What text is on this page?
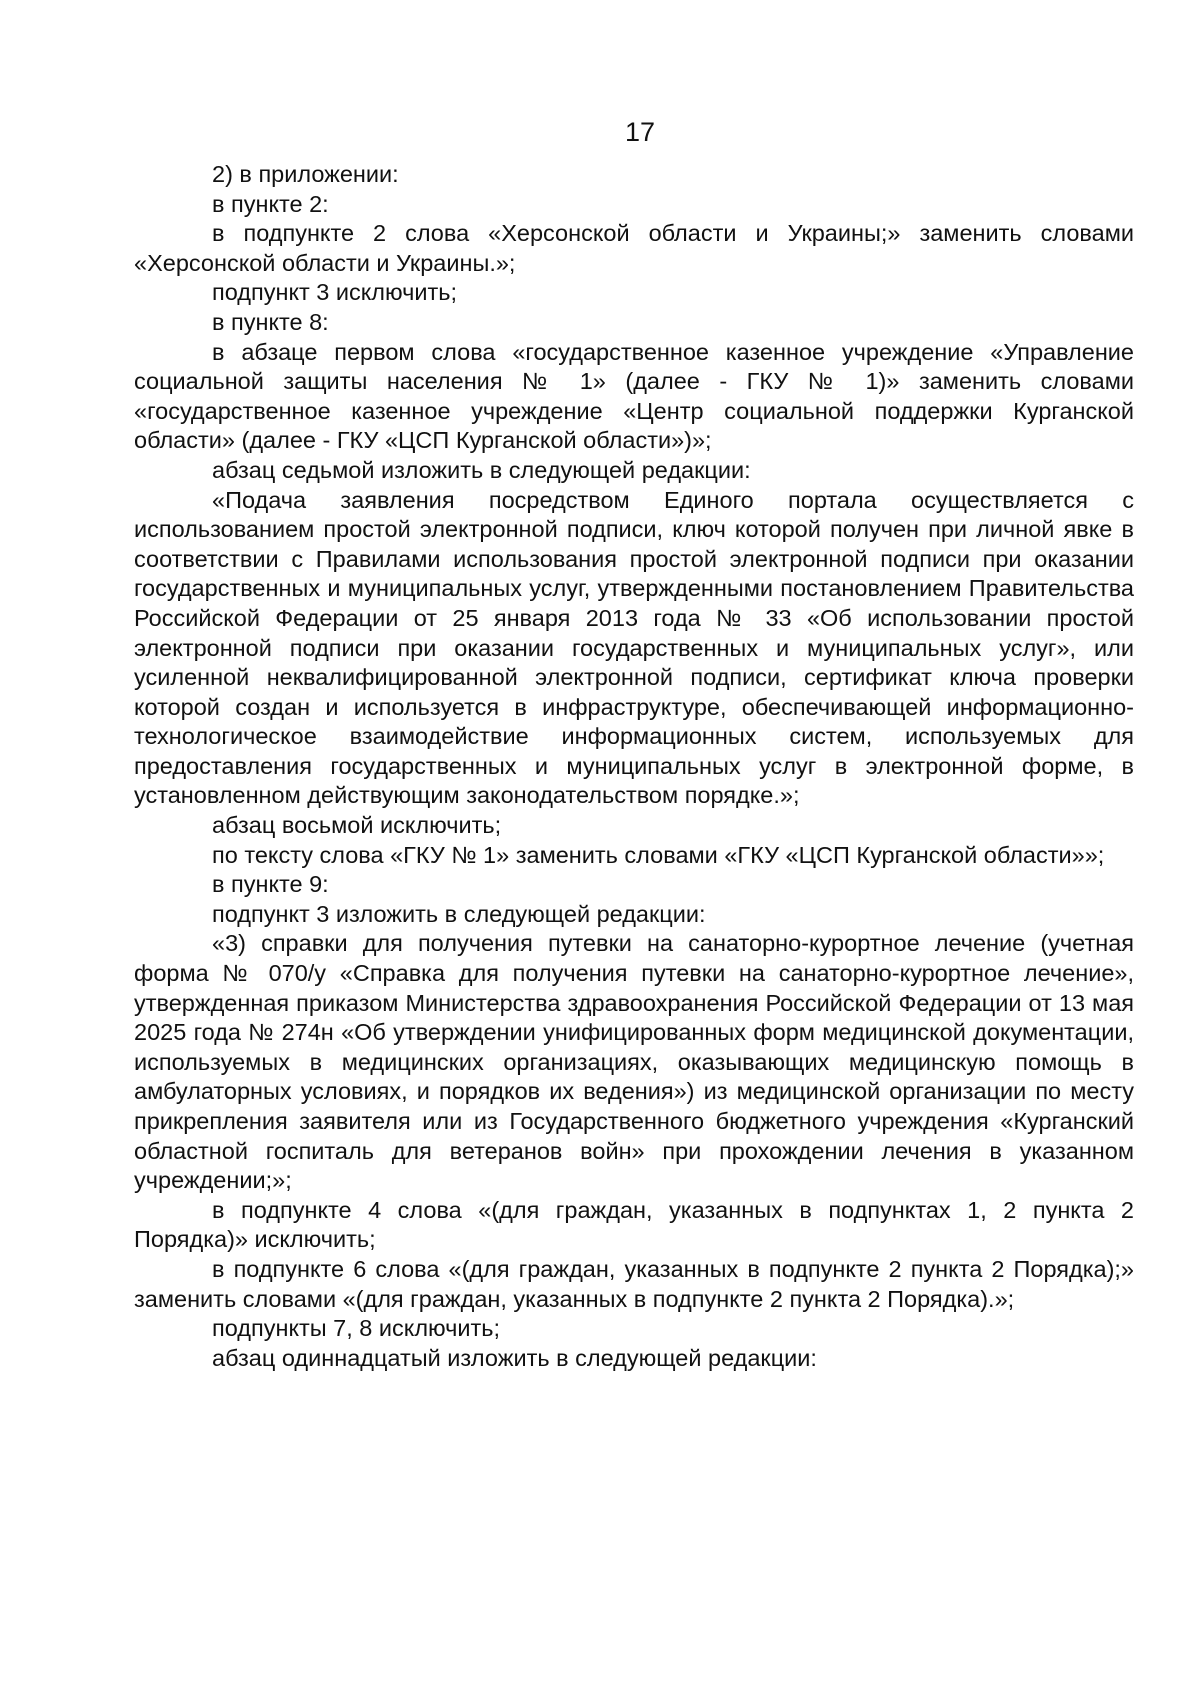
17

2) в приложении:

в пункте 2:

в подпункте 2 слова «Херсонской области и Украины;» заменить словами «Херсонской области и Украины.»;

подпункт 3 исключить;

в пункте 8:

в абзаце первом слова «государственное казенное учреждение «Управление социальной защиты населения № 1» (далее - ГКУ № 1)» заменить словами «государственное казенное учреждение «Центр социальной поддержки Курганской области» (далее - ГКУ «ЦСП Курганской области»)»;

абзац седьмой изложить в следующей редакции:

«Подача заявления посредством Единого портала осуществляется с использованием простой электронной подписи, ключ которой получен при личной явке в соответствии с Правилами использования простой электронной подписи при оказании государственных и муниципальных услуг, утвержденными постановлением Правительства Российской Федерации от 25 января 2013 года № 33 «Об использовании простой электронной подписи при оказании государственных и муниципальных услуг», или усиленной неквалифицированной электронной подписи, сертификат ключа проверки которой создан и используется в инфраструктуре, обеспечивающей информационно-технологическое взаимодействие информационных систем, используемых для предоставления государственных и муниципальных услуг в электронной форме, в установленном действующим законодательством порядке.»;

абзац восьмой исключить;

по тексту слова «ГКУ № 1» заменить словами «ГКУ «ЦСП Курганской области»»;

в пункте 9:

подпункт 3 изложить в следующей редакции:

«3) справки для получения путевки на санаторно-курортное лечение (учетная форма № 070/у «Справка для получения путевки на санаторно-курортное лечение», утвержденная приказом Министерства здравоохранения Российской Федерации от 13 мая 2025 года № 274н «Об утверждении унифицированных форм медицинской документации, используемых в медицинских организациях, оказывающих медицинскую помощь в амбулаторных условиях, и порядков их ведения») из медицинской организации по месту прикрепления заявителя или из Государственного бюджетного учреждения «Курганский областной госпиталь для ветеранов войн» при прохождении лечения в указанном учреждении;»;

в подпункте 4 слова «(для граждан, указанных в подпунктах 1, 2 пункта 2 Порядка)» исключить;

в подпункте 6 слова «(для граждан, указанных в подпункте 2 пункта 2 Порядка);» заменить словами «(для граждан, указанных в подпункте 2 пункта 2 Порядка).»;

подпункты 7, 8 исключить;

абзац одиннадцатый изложить в следующей редакции:
